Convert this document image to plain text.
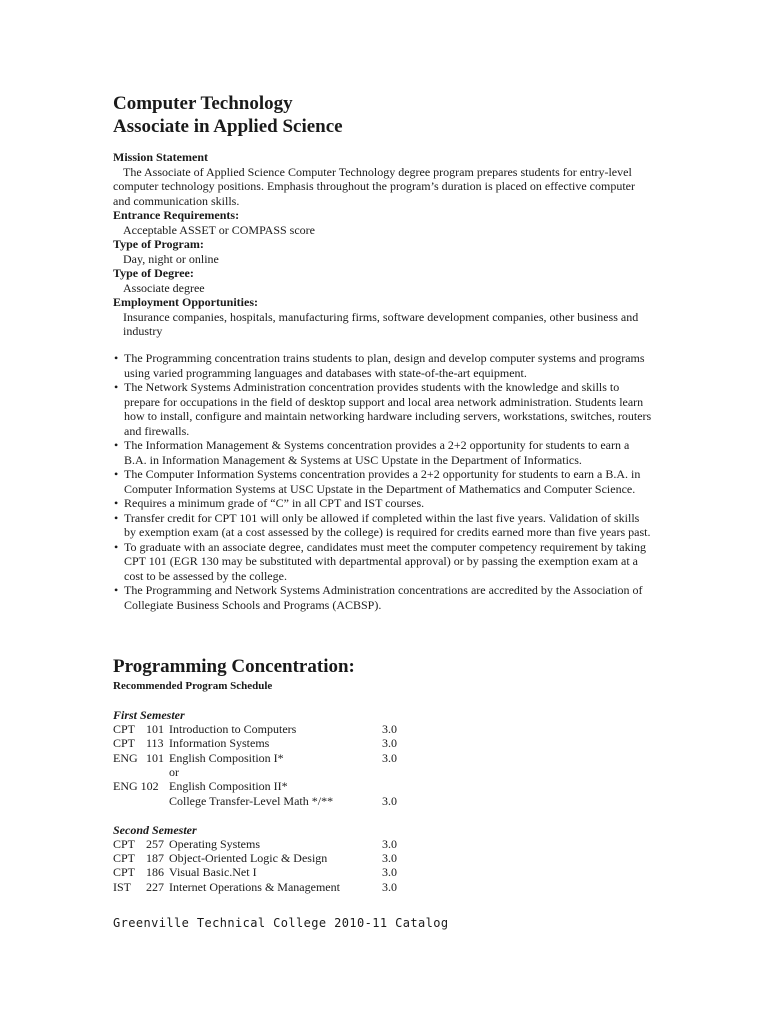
Computer Technology
Associate in Applied Science
Mission Statement
The Associate of Applied Science Computer Technology degree program prepares students for entry-level computer technology positions. Emphasis throughout the program’s duration is placed on effective computer and communication skills.
Entrance Requirements:
Acceptable ASSET or COMPASS score
Type of Program:
Day, night or online
Type of Degree:
Associate degree
Employment Opportunities:
Insurance companies, hospitals, manufacturing firms, software development companies, other business and industry
• The Programming concentration trains students to plan, design and develop computer systems and programs using varied programming languages and databases with state-of-the-art equipment.
• The Network Systems Administration concentration provides students with the knowledge and skills to prepare for occupations in the field of desktop support and local area network administration. Students learn how to install, configure and maintain networking hardware including servers, workstations, switches, routers and firewalls.
• The Information Management & Systems concentration provides a 2+2 opportunity for students to earn a B.A. in Information Management & Systems at USC Upstate in the Department of Informatics.
• The Computer Information Systems concentration provides a 2+2 opportunity for students to earn a B.A. in Computer Information Systems at USC Upstate in the Department of Mathematics and Computer Science.
• Requires a minimum grade of “C” in all CPT and IST courses.
• Transfer credit for CPT 101 will only be allowed if completed within the last five years. Validation of skills by exemption exam (at a cost assessed by the college) is required for credits earned more than five years past.
• To graduate with an associate degree, candidates must meet the computer competency requirement by taking CPT 101 (EGR 130 may be substituted with departmental approval) or by passing the exemption exam at a cost to be assessed by the college.
• The Programming and Network Systems Administration concentrations are accredited by the Association of Collegiate Business Schools and Programs (ACBSP).
Programming Concentration:
Recommended Program Schedule
First Semester
CPT 101 Introduction to Computers	3.0
CPT 113 Information Systems	3.0
ENG 101 English Composition I*	3.0
or
ENG 102 English Composition II*
College Transfer-Level Math */**	3.0
Second Semester
CPT 257 Operating Systems	3.0
CPT 187 Object-Oriented Logic & Design	3.0
CPT 186 Visual Basic.Net I	3.0
IST 227 Internet Operations & Management	3.0
Greenville Technical College 2010-11 Catalog
